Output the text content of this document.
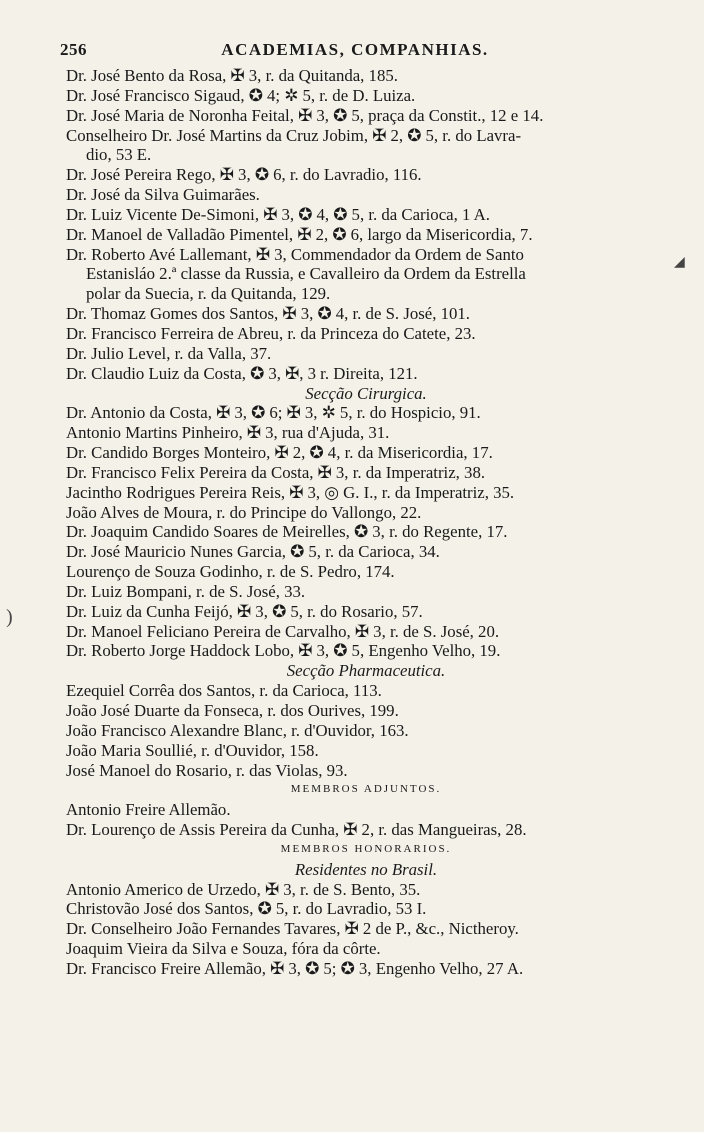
256	ACADEMIAS, COMPANHIAS.
Dr. José Bento da Rosa, ✠ 3, r. da Quitanda, 185.
Dr. José Francisco Sigaud, ✪ 4; ✲ 5, r. de D. Luiza.
Dr. José Maria de Noronha Feital, ✠ 3, ✪ 5, praça da Constit., 12 e 14.
Conselheiro Dr. José Martins da Cruz Jobim, ✠ 2, ✪ 5, r. do Lavra-
dio, 53 E.
Dr. José Pereira Rego, ✠ 3, ✪ 6, r. do Lavradio, 116.
Dr. José da Silva Guimarães.
Dr. Luiz Vicente De-Simoni, ✠ 3, ✪ 4, ✪ 5, r. da Carioca, 1 A.
Dr. Manoel de Valladão Pimentel, ✠ 2, ✪ 6, largo da Misericordia, 7.
Dr. Roberto Avé Lallemant, ✠ 3, Commendador da Ordem de Santo
Estanisláo 2.ª classe da Russia, e Cavalleiro da Ordem da Estrella
polar da Suecia, r. da Quitanda, 129.
Dr. Thomaz Gomes dos Santos, ✠ 3, ✪ 4, r. de S. José, 101.
Dr. Francisco Ferreira de Abreu, r. da Princeza do Catete, 23.
Dr. Julio Level, r. da Valla, 37.
Dr. Claudio Luiz da Costa, ✪ 3, ✠, 3 r. Direita, 121.
Secção Cirurgica.
Dr. Antonio da Costa, ✠ 3, ✪ 6; ✠ 3, ✲ 5, r. do Hospicio, 91.
Antonio Martins Pinheiro, ✠ 3, rua d'Ajuda, 31.
Dr. Candido Borges Monteiro, ✠ 2, ✪ 4, r. da Misericordia, 17.
Dr. Francisco Felix Pereira da Costa, ✠ 3, r. da Imperatriz, 38.
Jacintho Rodrigues Pereira Reis, ✠ 3, ◎ G. I., r. da Imperatriz, 35.
João Alves de Moura, r. do Principe do Vallongo, 22.
Dr. Joaquim Candido Soares de Meirelles, ✪ 3, r. do Regente, 17.
Dr. José Mauricio Nunes Garcia, ✪ 5, r. da Carioca, 34.
Lourenço de Souza Godinho, r. de S. Pedro, 174.
Dr. Luiz Bompani, r. de S. José, 33.
Dr. Luiz da Cunha Feijó, ✠ 3, ✪ 5, r. do Rosario, 57.
Dr. Manoel Feliciano Pereira de Carvalho, ✠ 3, r. de S. José, 20.
Dr. Roberto Jorge Haddock Lobo, ✠ 3, ✪ 5, Engenho Velho, 19.
Secção Pharmaceutica.
Ezequiel Corrêa dos Santos, r. da Carioca, 113.
João José Duarte da Fonseca, r. dos Ourives, 199.
João Francisco Alexandre Blanc, r. d'Ouvidor, 163.
João Maria Soullié, r. d'Ouvidor, 158.
José Manoel do Rosario, r. das Violas, 93.
MEMBROS ADJUNTOS.
Antonio Freire Allemão.
Dr. Lourenço de Assis Pereira da Cunha, ✠ 2, r. das Mangueiras, 28.
MEMBROS HONORARIOS.
Residentes no Brasil.
Antonio Americo de Urzedo, ✠ 3, r. de S. Bento, 35.
Christovão José dos Santos, ✪ 5, r. do Lavradio, 53 I.
Dr. Conselheiro João Fernandes Tavares, ✠ 2 de P., &c., Nictheroy.
Joaquim Vieira da Silva e Souza, fóra da côrte.
Dr. Francisco Freire Allemão, ✠ 3, ✪ 5; ✪ 3, Engenho Velho, 27 A.
◢
)
